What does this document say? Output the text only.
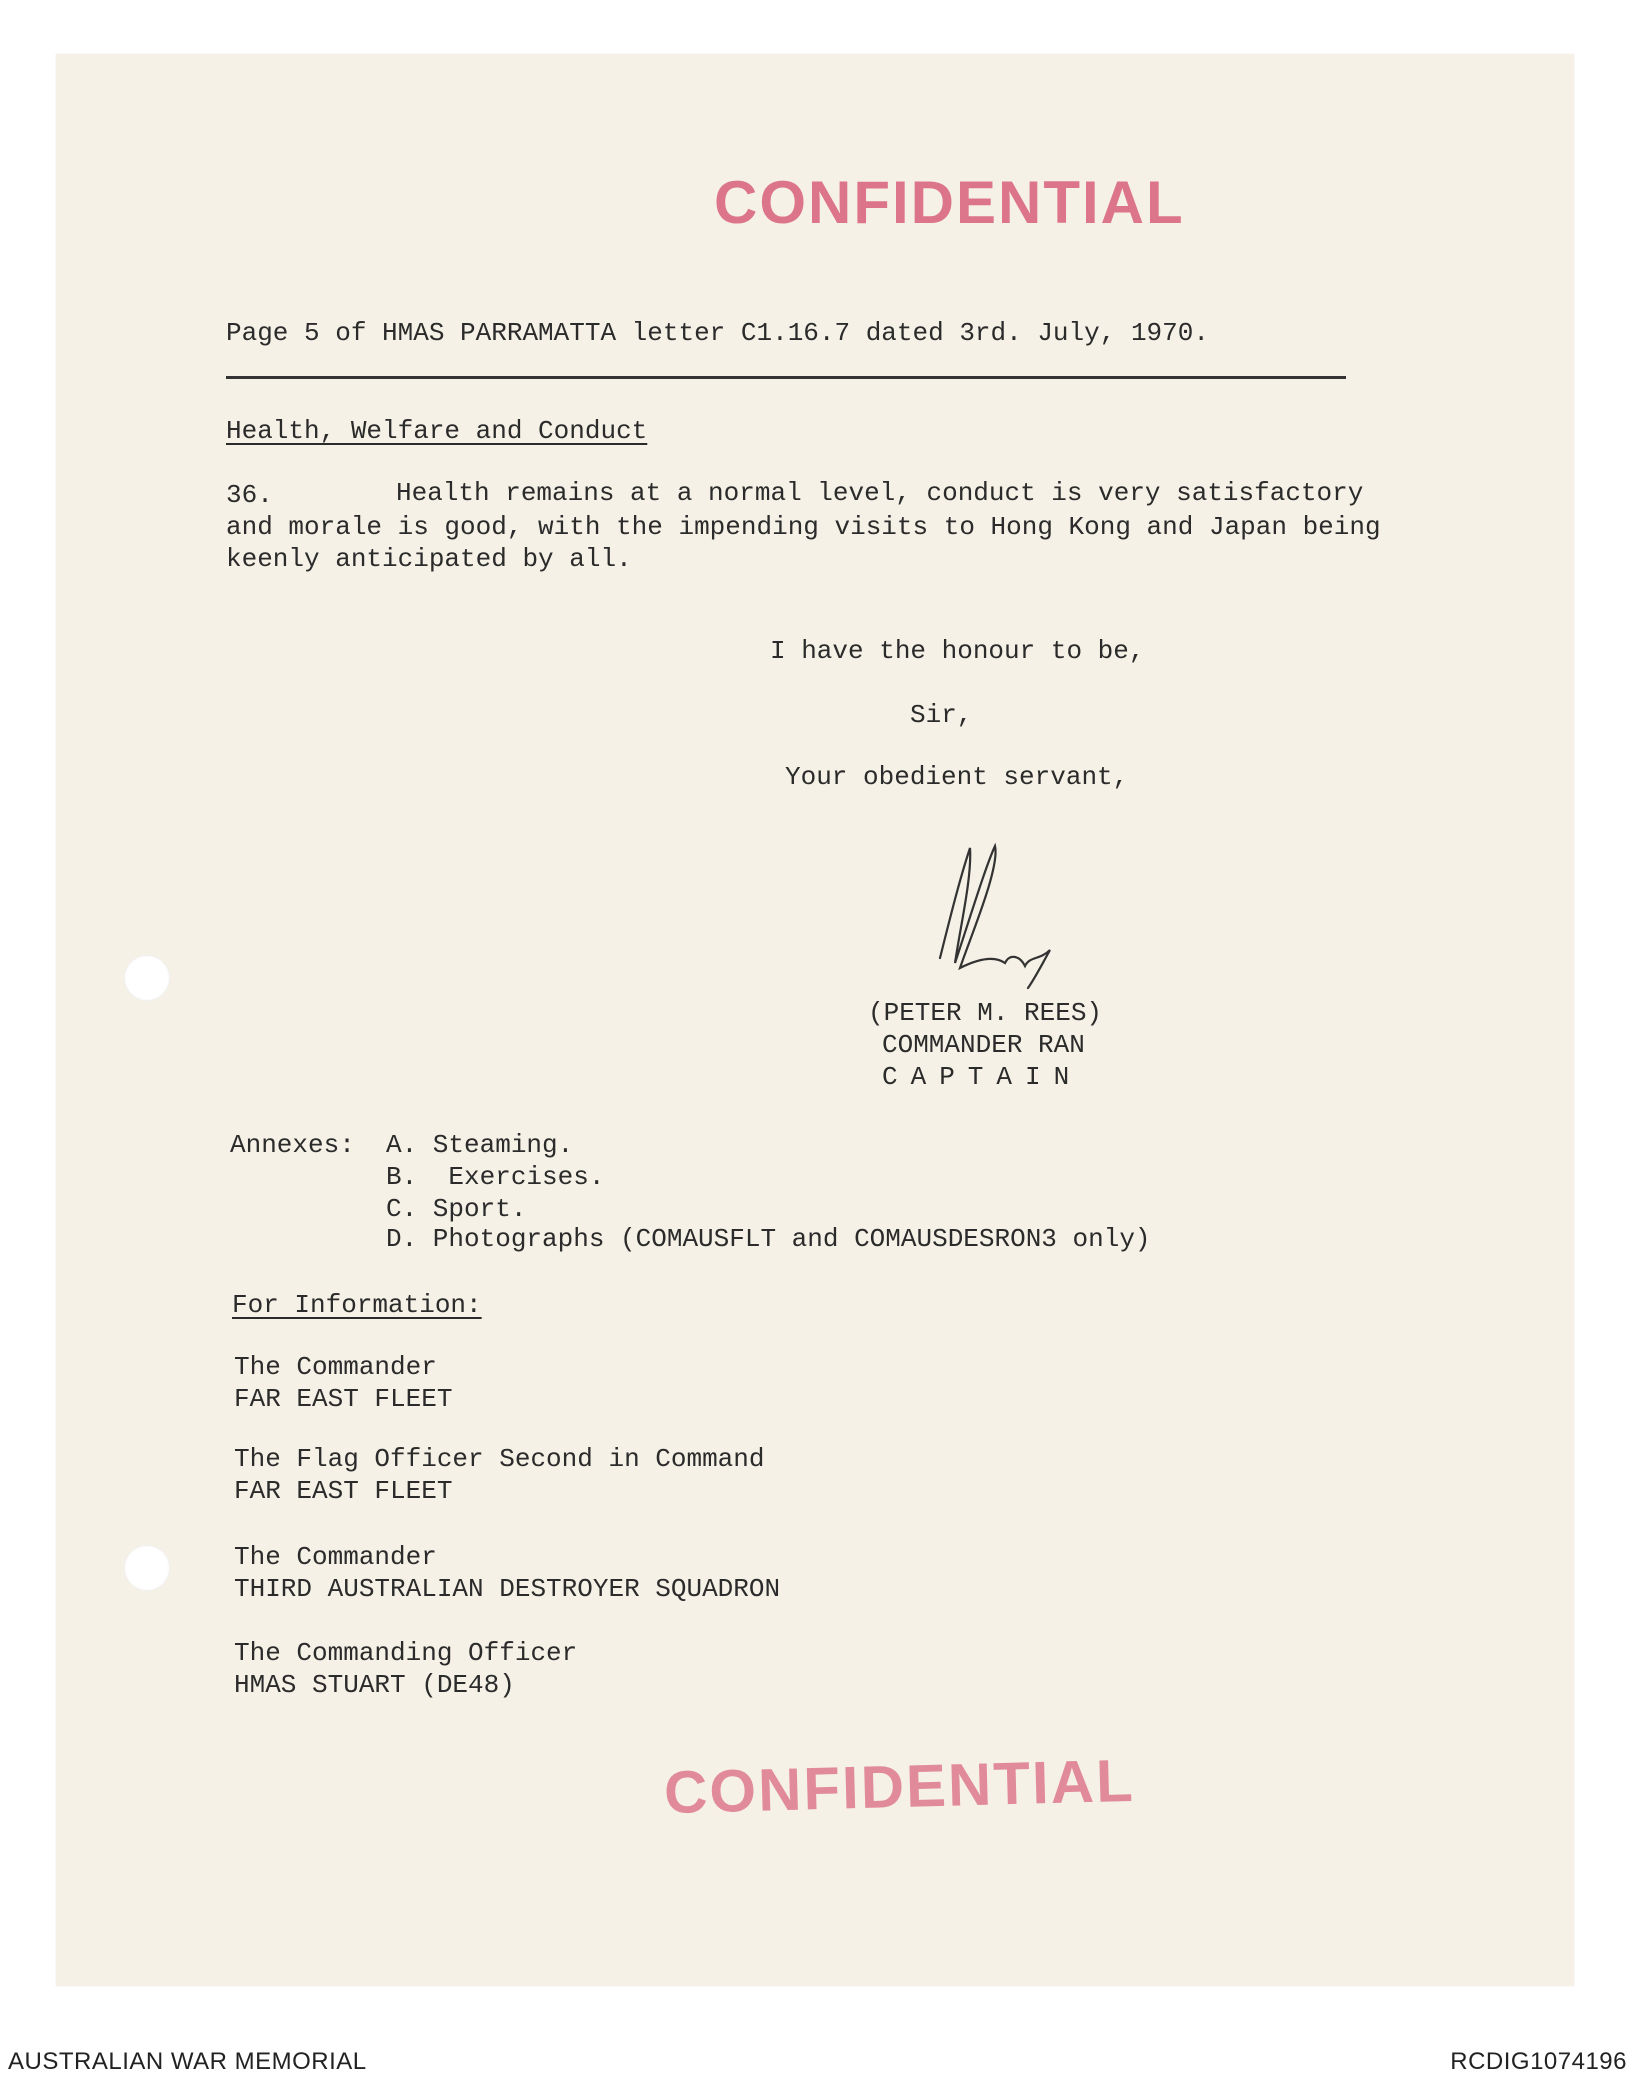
CONFIDENTIAL
Page 5 of HMAS PARRAMATTA letter C1.16.7 dated 3rd. July, 1970.
Health, Welfare and Conduct
36.	Health remains at a normal level, conduct is very satisfactory
and morale is good, with the impending visits to Hong Kong and Japan being
keenly anticipated by all.
I have the honour to be,
Sir,
Your obedient servant,
(PETER M. REES)
COMMANDER RAN
CAPTAIN
Annexes: A. Steaming.
B.  Exercises.
C. Sport.
D. Photographs (COMAUSFLT and COMAUSDESRON3 only)
For Information:
The Commander
FAR EAST FLEET
The Flag Officer Second in Command
FAR EAST FLEET
The Commander
THIRD AUSTRALIAN DESTROYER SQUADRON
The Commanding Officer
HMAS STUART (DE48)
CONFIDENTIAL
AUSTRALIAN WAR MEMORIAL	RCDIG1074196
